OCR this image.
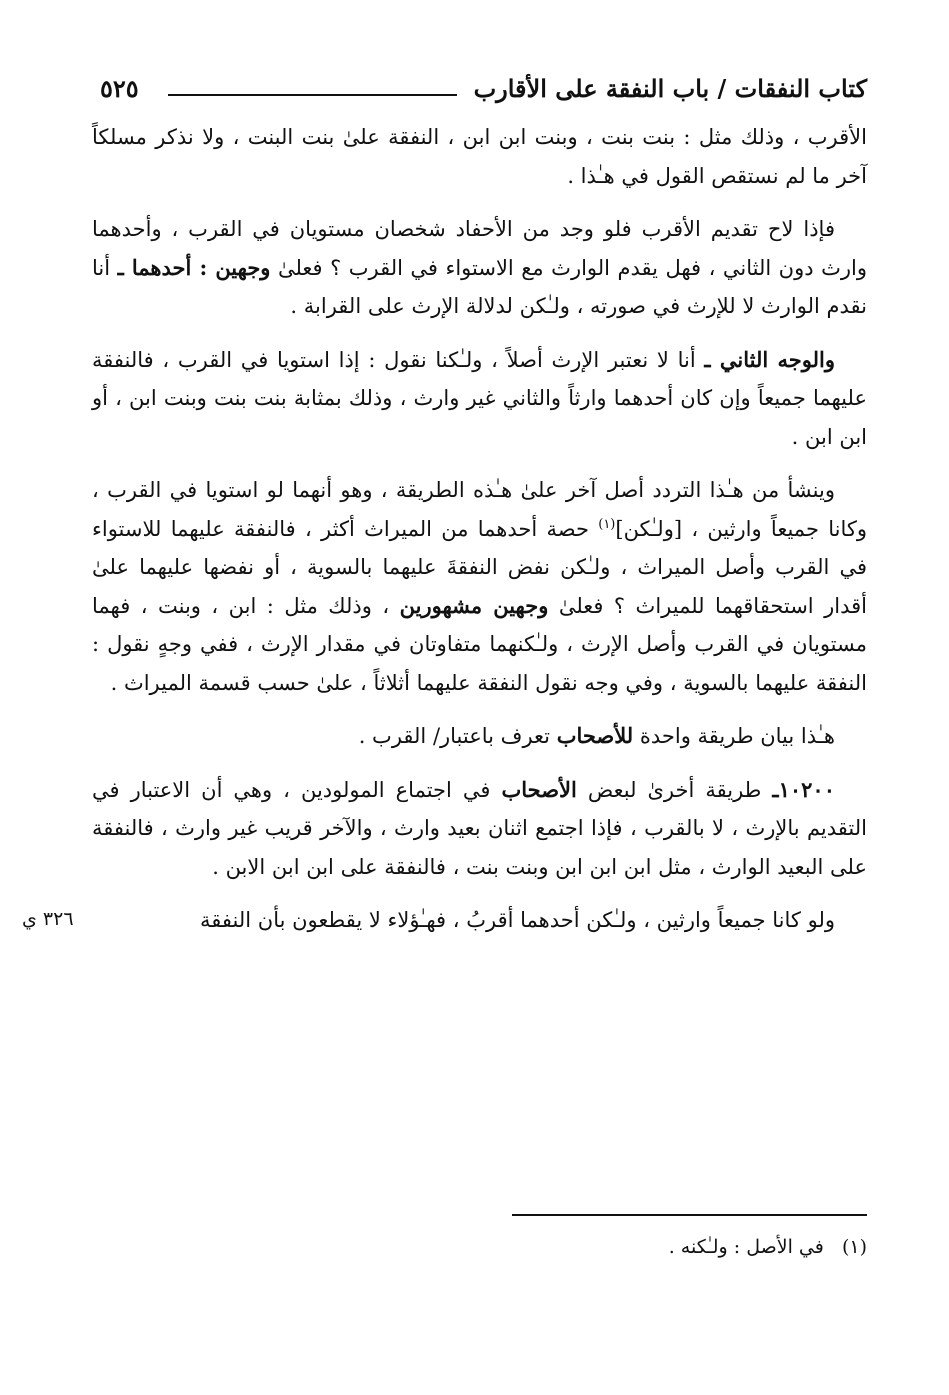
كتاب النفقات / باب النفقة على الأقارب
٥٢٥

الأقرب ، وذلك مثل : بنت بنت ، وبنت ابن ابن ، النفقة علىٰ بنت البنت ، ولا نذكر مسلكاً آخر ما لم نستقص القول في هـٰذا .

فإذا لاح تقديم الأقرب فلو وجد من الأحفاد شخصان مستويان في القرب ، وأحدهما وارث دون الثاني ، فهل يقدم الوارث مع الاستواء في القرب ؟ فعلىٰ وجهين : أحدهما ـ أنا نقدم الوارث لا للإرث في صورته ، ولـٰكن لدلالة الإرث على القرابة .

والوجه الثاني ـ أنا لا نعتبر الإرث أصلاً ، ولـٰكنا نقول : إذا استويا في القرب ، فالنفقة عليهما جميعاً وإن كان أحدهما وارثاً والثاني غير وارث ، وذلك بمثابة بنت بنت وبنت ابن ، أو ابن ابن .

وينشأ من هـٰذا التردد أصل آخر علىٰ هـٰذه الطريقة ، وهو أنهما لو استويا في القرب ، وكانا جميعاً وارثين ، [ولـٰكن]$^{(١)}$ حصة أحدهما من الميراث أكثر ، فالنفقة عليهما للاستواء في القرب وأصل الميراث ، ولـٰكن نفض النفقةَ عليهما بالسوية ، أو نفضها عليهما علىٰ أقدار استحقاقهما للميراث ؟ فعلىٰ وجهين مشهورين ، وذلك مثل : ابن ، وبنت ، فهما مستويان في القرب وأصل الإرث ، ولـٰكنهما متفاوتان في مقدار الإرث ، ففي وجهٍ نقول : النفقة عليهما بالسوية ، وفي وجه نقول النفقة عليهما أثلاثاً ، علىٰ حسب قسمة الميراث .

هـٰذا بيان طريقة واحدة للأصحاب تعرف باعتبار/ القرب .

١٠٢٠٠ـ طريقة أخرىٰ لبعض الأصحاب في اجتماع المولودين ، وهي أن الاعتبار في التقديم بالإرث ، لا بالقرب ، فإذا اجتمع اثنان بعيد وارث ، والآخر قريب غير وارث ، فالنفقة على البعيد الوارث ، مثل ابن ابن ابن وبنت بنت ، فالنفقة على ابن ابن الابن .

ولو كانا جميعاً وارثين ، ولـٰكن أحدهما أقربُ ، فهـٰؤلاء لا يقطعون بأن النفقة

٣٢٦ ي
(١)   في الأصل : ولـٰكنه .
